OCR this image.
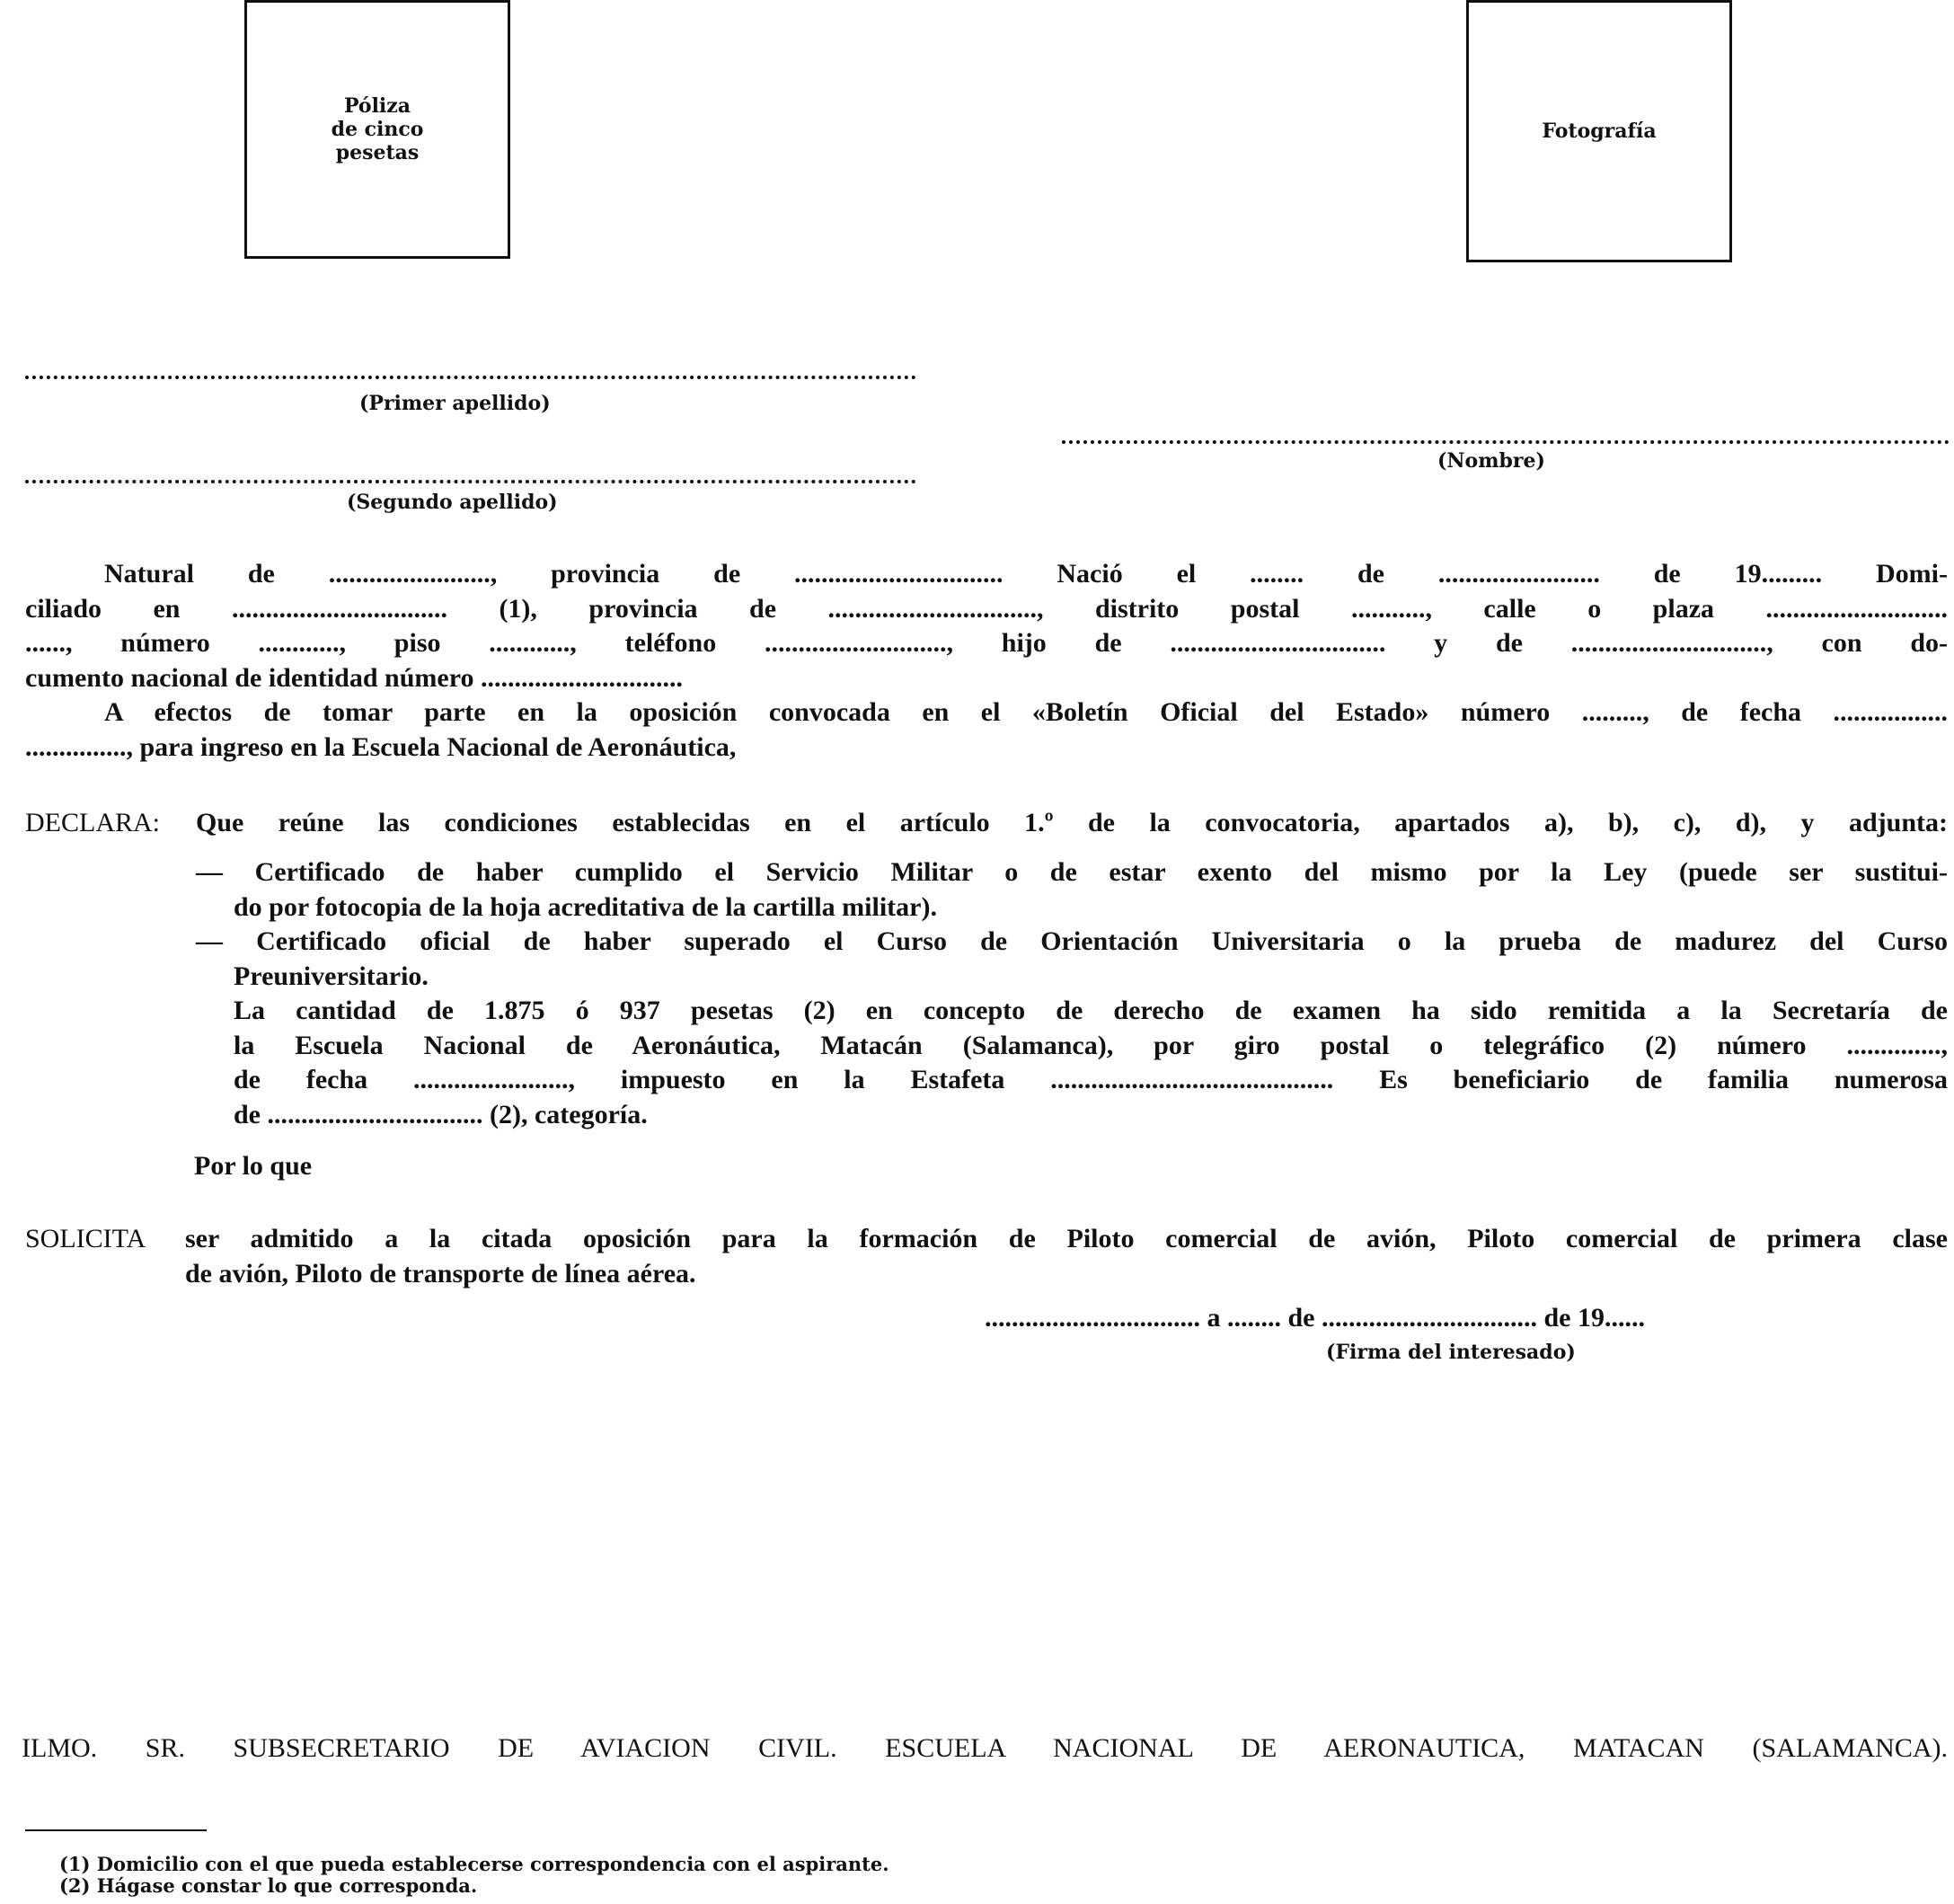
Póliza
de cinco
pesetas
Fotografía
(Primer apellido)
(Nombre)
(Segundo apellido)
Natural de ........................, provincia de ............................... Nació el ........ de ........................ de 19......... Domi-
ciliado en ................................ (1), provincia de ..............................., distrito postal ..........., calle o plaza ...........................
......, número ............, piso ............, teléfono ..........................., hijo de ................................ y de ............................., con do-
cumento nacional de identidad número ..............................
A efectos de tomar parte en la oposición convocada en el «Boletín Oficial del Estado» número ........., de fecha .................
..............., para ingreso en la Escuela Nacional de Aeronáutica,
DECLARA: Que reúne las condiciones establecidas en el artículo 1.º de la convocatoria, apartados a), b), c), d), y adjunta:
— Certificado de haber cumplido el Servicio Militar o de estar exento del mismo por la Ley (puede ser sustitui-
do por fotocopia de la hoja acreditativa de la cartilla militar).
— Certificado oficial de haber superado el Curso de Orientación Universitaria o la prueba de madurez del Curso
Preuniversitario.
La cantidad de 1.875 ó 937 pesetas (2) en concepto de derecho de examen ha sido remitida a la Secretaría de
la Escuela Nacional de Aeronáutica, Matacán (Salamanca), por giro postal o telegráfico (2) número ..............,
de fecha ......................., impuesto en la Estafeta .......................................... Es beneficiario de familia numerosa
de ................................ (2), categoría.
Por lo que
SOLICITA ser admitido a la citada oposición para la formación de Piloto comercial de avión, Piloto comercial de primera clase
de avión, Piloto de transporte de línea aérea.
................................ a ........ de ................................ de 19......
(Firma del interesado)
ILMO. SR. SUBSECRETARIO DE AVIACION CIVIL. ESCUELA NACIONAL DE AERONAUTICA, MATACAN (SALAMANCA).
(1) Domicilio con el que pueda establecerse correspondencia con el aspirante.
(2) Hágase constar lo que corresponda.
